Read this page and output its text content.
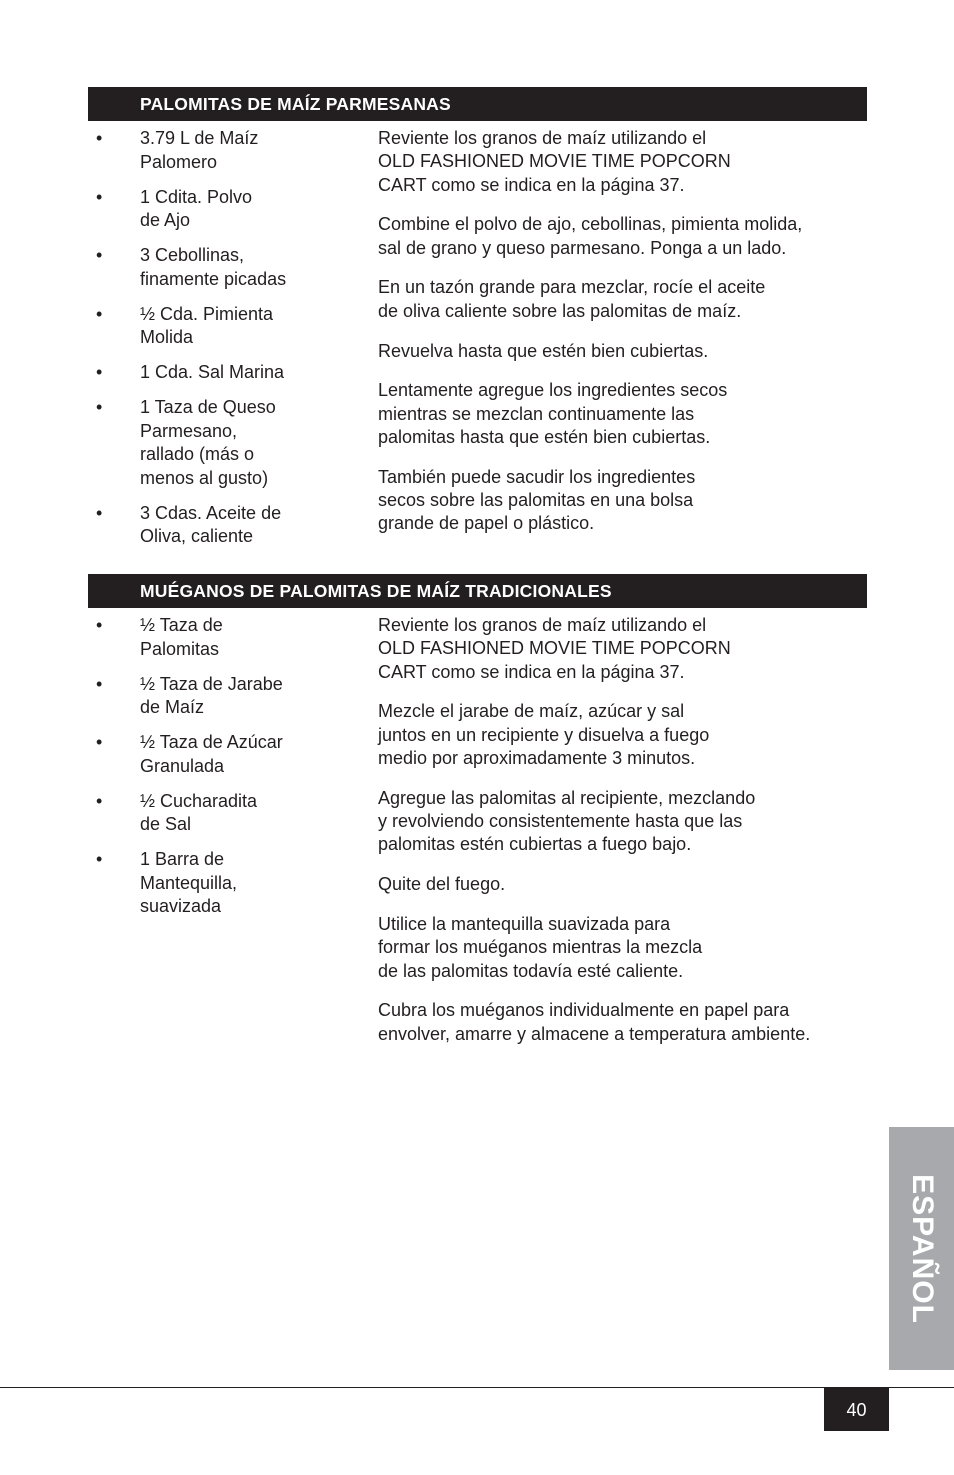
PALOMITAS DE MAÍZ PARMESANAS
• 3.79 L de Maíz
Palomero
• 1 Cdita. Polvo
de Ajo
• 3 Cebollinas,
finamente picadas
• ½ Cda. Pimienta
Molida
• 1 Cda. Sal Marina
• 1 Taza de Queso
Parmesano,
rallado (más o
menos al gusto)
• 3 Cdas. Aceite de
Oliva, caliente

Reviente los granos de maíz utilizando el
OLD FASHIONED MOVIE TIME POPCORN
CART como se indica en la página 37.

Combine el polvo de ajo, cebollinas, pimienta molida,
sal de grano y queso parmesano. Ponga a un lado.

En un tazón grande para mezclar, rocíe el aceite
de oliva caliente sobre las palomitas de maíz.

Revuelva hasta que estén bien cubiertas.

Lentamente agregue los ingredientes secos
mientras se mezclan continuamente las
palomitas hasta que estén bien cubiertas.

También puede sacudir los ingredientes
secos sobre las palomitas en una bolsa
grande de papel o plástico.

MUÉGANOS DE PALOMITAS DE MAÍZ TRADICIONALES
• ½ Taza de
Palomitas
• ½ Taza de Jarabe
de Maíz
• ½ Taza de Azúcar
Granulada
• ½ Cucharadita
de Sal
• 1 Barra de
Mantequilla,
suavizada

Reviente los granos de maíz utilizando el
OLD FASHIONED MOVIE TIME POPCORN
CART como se indica en la página 37.

Mezcle el jarabe de maíz, azúcar y sal
juntos en un recipiente y disuelva a fuego
medio por aproximadamente 3 minutos.

Agregue las palomitas al recipiente, mezclando
y revolviendo consistentemente hasta que las
palomitas estén cubiertas a fuego bajo.

Quite del fuego.

Utilice la mantequilla suavizada para
formar los muéganos mientras la mezcla
de las palomitas todavía esté caliente.

Cubra los muéganos individualmente en papel para
envolver, amarre y almacene a temperatura ambiente.

ESPAÑOL
40
